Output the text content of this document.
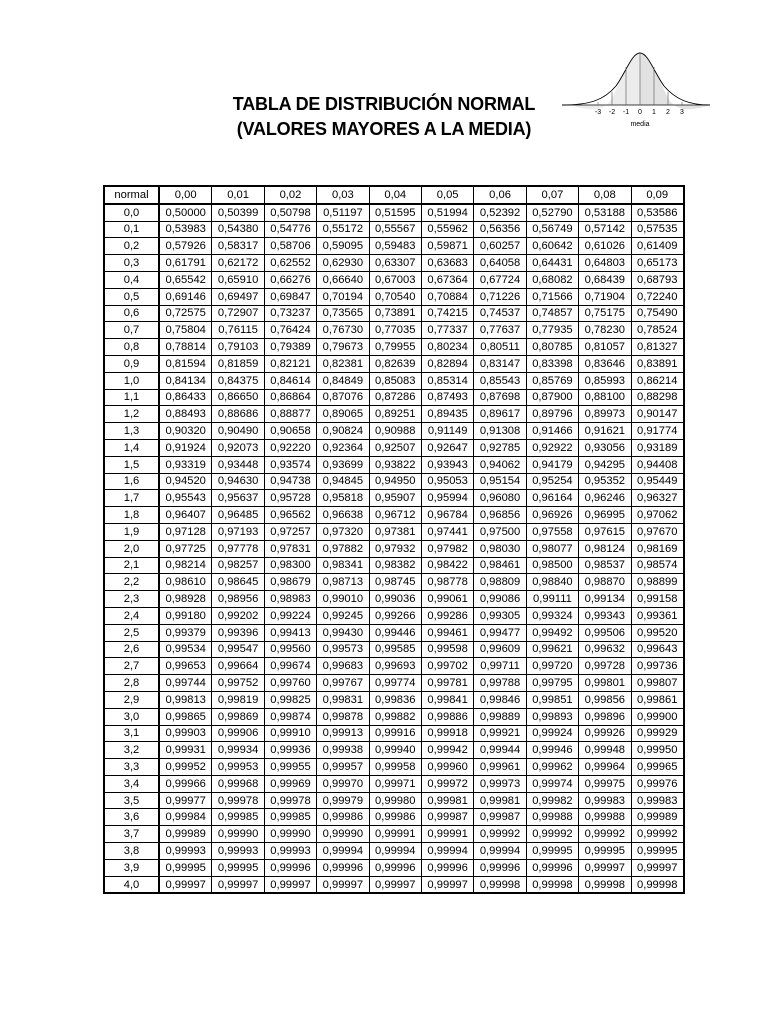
TABLA DE DISTRIBUCIÓN NORMAL
(VALORES MAYORES A LA MEDIA)
-3 -2 -1 0 1 2 3
media
normal	0,00	0,01	0,02	0,03	0,04	0,05	0,06	0,07	0,08	0,09
0,0	0,50000	0,50399	0,50798	0,51197	0,51595	0,51994	0,52392	0,52790	0,53188	0,53586
0,1	0,53983	0,54380	0,54776	0,55172	0,55567	0,55962	0,56356	0,56749	0,57142	0,57535
0,2	0,57926	0,58317	0,58706	0,59095	0,59483	0,59871	0,60257	0,60642	0,61026	0,61409
0,3	0,61791	0,62172	0,62552	0,62930	0,63307	0,63683	0,64058	0,64431	0,64803	0,65173
0,4	0,65542	0,65910	0,66276	0,66640	0,67003	0,67364	0,67724	0,68082	0,68439	0,68793
0,5	0,69146	0,69497	0,69847	0,70194	0,70540	0,70884	0,71226	0,71566	0,71904	0,72240
0,6	0,72575	0,72907	0,73237	0,73565	0,73891	0,74215	0,74537	0,74857	0,75175	0,75490
0,7	0,75804	0,76115	0,76424	0,76730	0,77035	0,77337	0,77637	0,77935	0,78230	0,78524
0,8	0,78814	0,79103	0,79389	0,79673	0,79955	0,80234	0,80511	0,80785	0,81057	0,81327
0,9	0,81594	0,81859	0,82121	0,82381	0,82639	0,82894	0,83147	0,83398	0,83646	0,83891
1,0	0,84134	0,84375	0,84614	0,84849	0,85083	0,85314	0,85543	0,85769	0,85993	0,86214
1,1	0,86433	0,86650	0,86864	0,87076	0,87286	0,87493	0,87698	0,87900	0,88100	0,88298
1,2	0,88493	0,88686	0,88877	0,89065	0,89251	0,89435	0,89617	0,89796	0,89973	0,90147
1,3	0,90320	0,90490	0,90658	0,90824	0,90988	0,91149	0,91308	0,91466	0,91621	0,91774
1,4	0,91924	0,92073	0,92220	0,92364	0,92507	0,92647	0,92785	0,92922	0,93056	0,93189
1,5	0,93319	0,93448	0,93574	0,93699	0,93822	0,93943	0,94062	0,94179	0,94295	0,94408
1,6	0,94520	0,94630	0,94738	0,94845	0,94950	0,95053	0,95154	0,95254	0,95352	0,95449
1,7	0,95543	0,95637	0,95728	0,95818	0,95907	0,95994	0,96080	0,96164	0,96246	0,96327
1,8	0,96407	0,96485	0,96562	0,96638	0,96712	0,96784	0,96856	0,96926	0,96995	0,97062
1,9	0,97128	0,97193	0,97257	0,97320	0,97381	0,97441	0,97500	0,97558	0,97615	0,97670
2,0	0,97725	0,97778	0,97831	0,97882	0,97932	0,97982	0,98030	0,98077	0,98124	0,98169
2,1	0,98214	0,98257	0,98300	0,98341	0,98382	0,98422	0,98461	0,98500	0,98537	0,98574
2,2	0,98610	0,98645	0,98679	0,98713	0,98745	0,98778	0,98809	0,98840	0,98870	0,98899
2,3	0,98928	0,98956	0,98983	0,99010	0,99036	0,99061	0,99086	0,99111	0,99134	0,99158
2,4	0,99180	0,99202	0,99224	0,99245	0,99266	0,99286	0,99305	0,99324	0,99343	0,99361
2,5	0,99379	0,99396	0,99413	0,99430	0,99446	0,99461	0,99477	0,99492	0,99506	0,99520
2,6	0,99534	0,99547	0,99560	0,99573	0,99585	0,99598	0,99609	0,99621	0,99632	0,99643
2,7	0,99653	0,99664	0,99674	0,99683	0,99693	0,99702	0,99711	0,99720	0,99728	0,99736
2,8	0,99744	0,99752	0,99760	0,99767	0,99774	0,99781	0,99788	0,99795	0,99801	0,99807
2,9	0,99813	0,99819	0,99825	0,99831	0,99836	0,99841	0,99846	0,99851	0,99856	0,99861
3,0	0,99865	0,99869	0,99874	0,99878	0,99882	0,99886	0,99889	0,99893	0,99896	0,99900
3,1	0,99903	0,99906	0,99910	0,99913	0,99916	0,99918	0,99921	0,99924	0,99926	0,99929
3,2	0,99931	0,99934	0,99936	0,99938	0,99940	0,99942	0,99944	0,99946	0,99948	0,99950
3,3	0,99952	0,99953	0,99955	0,99957	0,99958	0,99960	0,99961	0,99962	0,99964	0,99965
3,4	0,99966	0,99968	0,99969	0,99970	0,99971	0,99972	0,99973	0,99974	0,99975	0,99976
3,5	0,99977	0,99978	0,99978	0,99979	0,99980	0,99981	0,99981	0,99982	0,99983	0,99983
3,6	0,99984	0,99985	0,99985	0,99986	0,99986	0,99987	0,99987	0,99988	0,99988	0,99989
3,7	0,99989	0,99990	0,99990	0,99990	0,99991	0,99991	0,99992	0,99992	0,99992	0,99992
3,8	0,99993	0,99993	0,99993	0,99994	0,99994	0,99994	0,99994	0,99995	0,99995	0,99995
3,9	0,99995	0,99995	0,99996	0,99996	0,99996	0,99996	0,99996	0,99996	0,99997	0,99997
4,0	0,99997	0,99997	0,99997	0,99997	0,99997	0,99997	0,99998	0,99998	0,99998	0,99998
